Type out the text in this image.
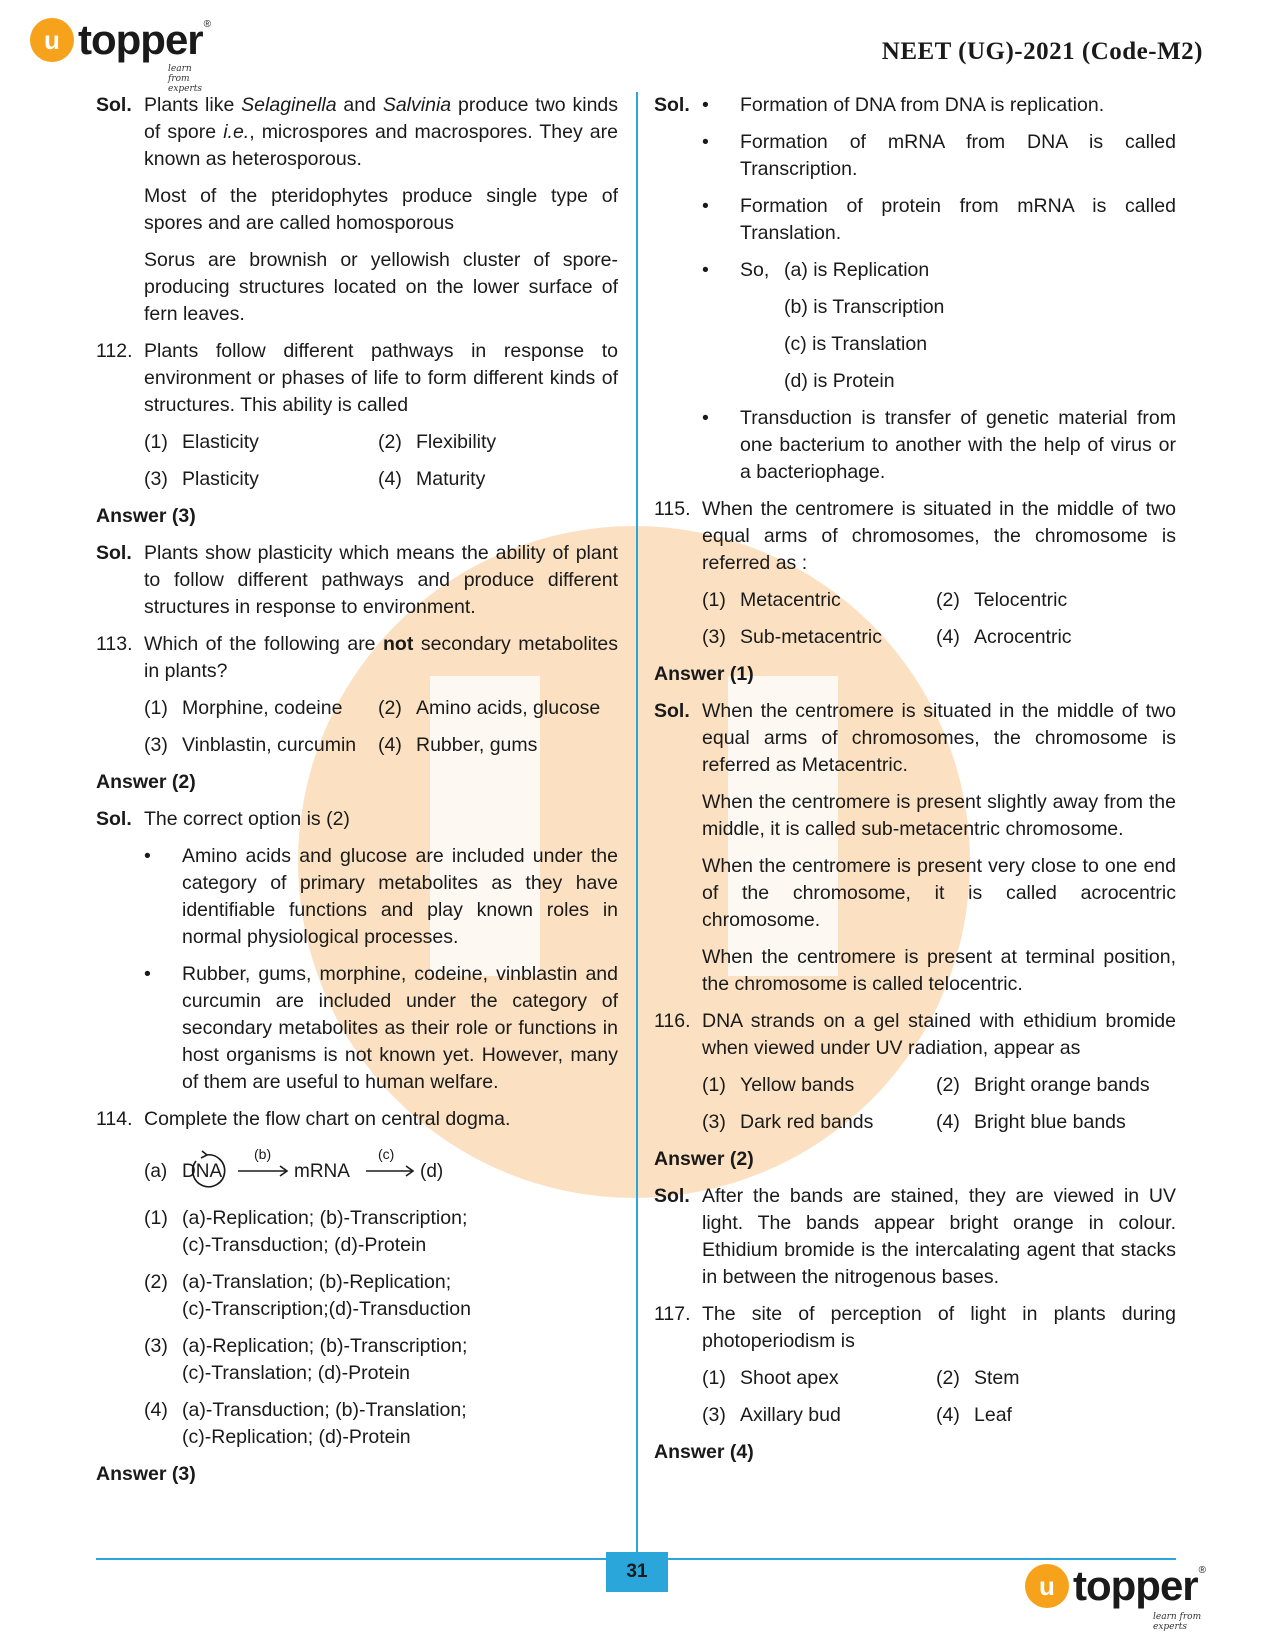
u topper ®
learn from experts
NEET (UG)-2021 (Code-M2)
Sol. Plants like Selaginella and Salvinia produce two kinds of spore i.e., microspores and macrospores. They are known as heterosporous.
Most of the pteridophytes produce single type of spores and are called homosporous
Sorus are brownish or yellowish cluster of spore-producing structures located on the lower surface of fern leaves.
112. Plants follow different pathways in response to environment or phases of life to form different kinds of structures. This ability is called
(1) Elasticity	(2) Flexibility
(3) Plasticity	(4) Maturity
Answer (3)
Sol. Plants show plasticity which means the ability of plant to follow different pathways and produce different structures in response to environment.
113. Which of the following are not secondary metabolites in plants?
(1) Morphine, codeine (2) Amino acids, glucose
(3) Vinblastin, curcumin (4) Rubber, gums
Answer (2)
Sol. The correct option is (2)
•	Amino acids and glucose are included under the category of primary metabolites as they have identifiable functions and play known roles in normal physiological processes.
•	Rubber, gums, morphine, codeine, vinblastin and curcumin are included under the category of secondary metabolites as their role or functions in host organisms is not known yet. However, many of them are useful to human welfare.
114. Complete the flow chart on central dogma.
(a) DNA
(b)
mRNA
(c)
(d)
(1) (a)-Replication; (b)-Transcription;
(c)-Transduction; (d)-Protein
(2) (a)-Translation; (b)-Replication;
(c)-Transcription;(d)-Transduction
(3) (a)-Replication; (b)-Transcription;
(c)-Translation; (d)-Protein
(4) (a)-Transduction; (b)-Translation;
(c)-Replication; (d)-Protein
Answer (3)
Sol. •	Formation of DNA from DNA is replication.
•	Formation of mRNA from DNA is called Transcription.
•	Formation of protein from mRNA is called Translation.
•	So, (a) is Replication
(b) is Transcription
(c) is Translation
(d) is Protein
•	Transduction is transfer of genetic material from one bacterium to another with the help of virus or a bacteriophage.
115. When the centromere is situated in the middle of two equal arms of chromosomes, the chromosome is referred as :
(1) Metacentric	(2) Telocentric
(3) Sub-metacentric	(4) Acrocentric
Answer (1)
Sol. When the centromere is situated in the middle of two equal arms of chromosomes, the chromosome is referred as Metacentric.
When the centromere is present slightly away from the middle, it is called sub-metacentric chromosome.
When the centromere is present very close to one end of the chromosome, it is called acrocentric chromosome.
When the centromere is present at terminal position, the chromosome is called telocentric.
116. DNA strands on a gel stained with ethidium bromide when viewed under UV radiation, appear as
(1) Yellow bands	(2) Bright orange bands
(3) Dark red bands	(4) Bright blue bands
Answer (2)
Sol. After the bands are stained, they are viewed in UV light. The bands appear bright orange in colour. Ethidium bromide is the intercalating agent that stacks in between the nitrogenous bases.
117. The site of perception of light in plants during photoperiodism is
(1) Shoot apex	(2) Stem
(3) Axillary bud	(4) Leaf
Answer (4)
31	u topper ®
learn from experts
